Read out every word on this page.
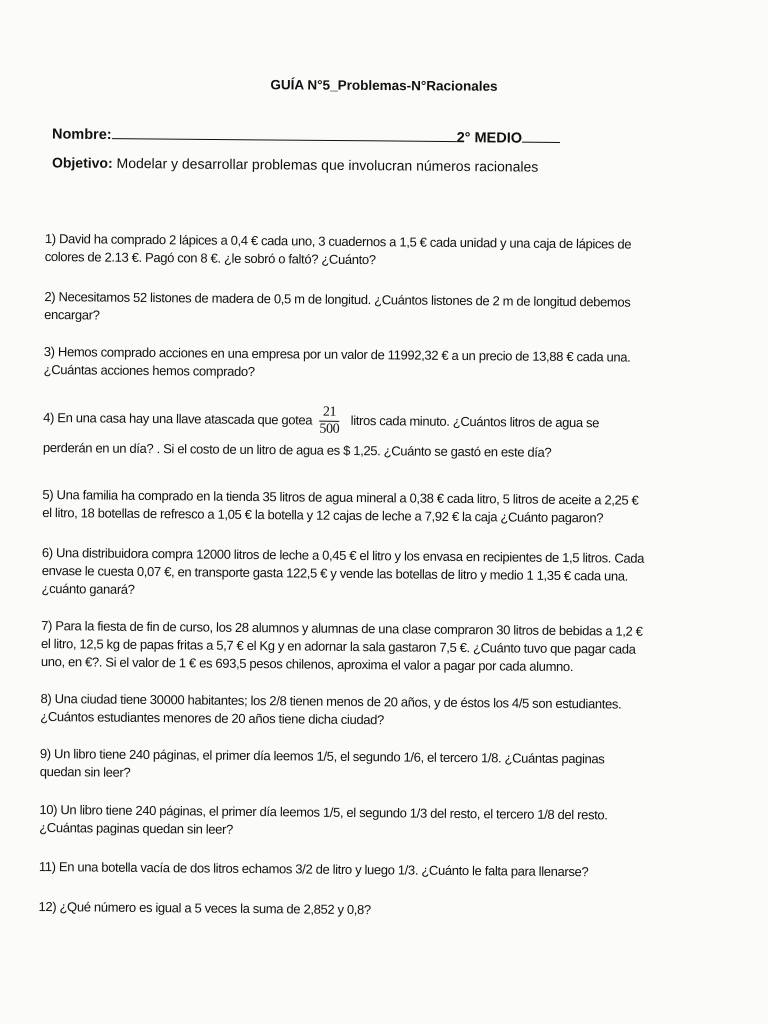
GUÍA N°5_Problemas-N°Racionales
Nombre:	2° MEDIO
Objetivo: Modelar y desarrollar problemas que involucran números racionales
1) David ha comprado 2 lápices a 0,4 € cada uno, 3 cuadernos a 1,5 € cada unidad y una caja de lápices de
colores de 2.13 €. Pagó con 8 €. ¿le sobró o faltó? ¿Cuánto?
2) Necesitamos 52 listones de madera de 0,5 m de longitud. ¿Cuántos listones de 2 m de longitud debemos
encargar?
3) Hemos comprado acciones en una empresa por un valor de 11992,32 € a un precio de 13,88 € cada una.
¿Cuántas acciones hemos comprado?
4) En una casa hay una llave atascada que gotea $\frac{21}{500}$ litros cada minuto. ¿Cuántos litros de agua se
perderán en un día? . Si el costo de un litro de agua es $ 1,25. ¿Cuánto se gastó en este día?
5) Una familia ha comprado en la tienda 35 litros de agua mineral a 0,38 € cada litro, 5 litros de aceite a 2,25 €
el litro, 18 botellas de refresco a 1,05 € la botella y 12 cajas de leche a 7,92 € la caja ¿Cuánto pagaron?
6) Una distribuidora compra 12000 litros de leche a 0,45 € el litro y los envasa en recipientes de 1,5 litros. Cada
envase le cuesta 0,07 €, en transporte gasta 122,5 € y vende las botellas de litro y medio 1 1,35 € cada una.
¿cuánto ganará?
7) Para la fiesta de fin de curso, los 28 alumnos y alumnas de una clase compraron 30 litros de bebidas a 1,2 €
el litro, 12,5 kg de papas fritas a 5,7 € el Kg y en adornar la sala gastaron 7,5 €. ¿Cuánto tuvo que pagar cada
uno, en €?. Si el valor de 1 € es 693,5 pesos chilenos, aproxima el valor a pagar por cada alumno.
8) Una ciudad tiene 30000 habitantes; los 2/8 tienen menos de 20 años, y de éstos los 4/5 son estudiantes.
¿Cuántos estudiantes menores de 20 años tiene dicha ciudad?
9) Un libro tiene 240 páginas, el primer día leemos 1/5, el segundo 1/6, el tercero 1/8. ¿Cuántas paginas
quedan sin leer?
10) Un libro tiene 240 páginas, el primer día leemos 1/5, el segundo 1/3 del resto, el tercero 1/8 del resto.
¿Cuántas paginas quedan sin leer?
11) En una botella vacía de dos litros echamos 3/2 de litro y luego 1/3. ¿Cuánto le falta para llenarse?
12) ¿Qué número es igual a 5 veces la suma de 2,852 y 0,8?
